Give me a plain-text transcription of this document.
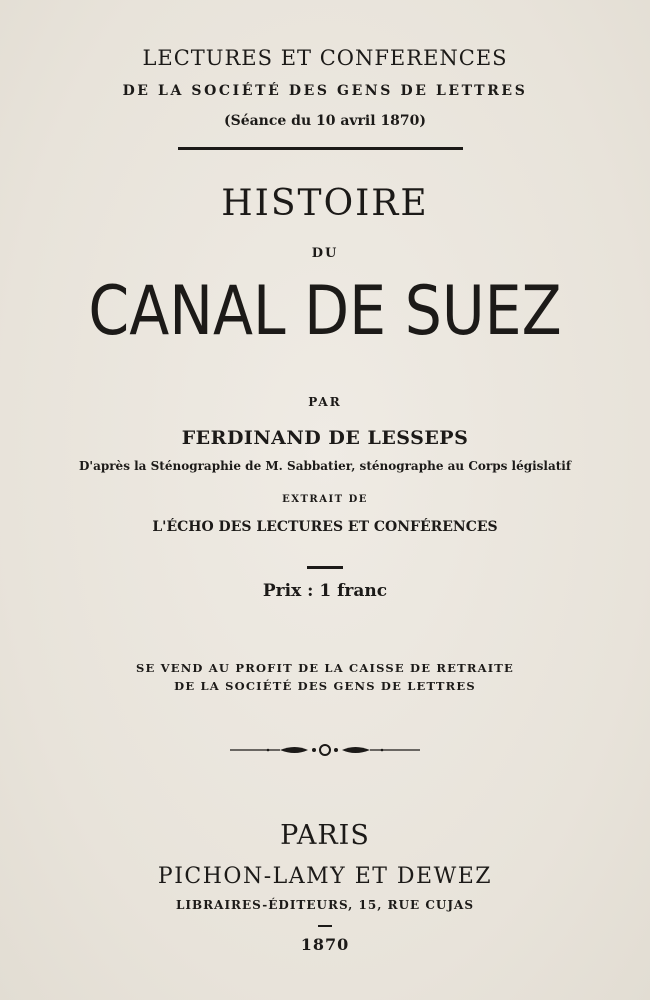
LECTURES ET CONFERENCES
DE LA SOCIÉTÉ DES GENS DE LETTRES
(Séance du 10 avril 1870)
HISTOIRE
DU
CANAL DE SUEZ
PAR
FERDINAND DE LESSEPS
D'après la Sténographie de M. Sabbatier, sténographe au Corps législatif
EXTRAIT DE
L'ÉCHO DES LECTURES ET CONFÉRENCES
Prix : 1 franc
SE VEND AU PROFIT DE LA CAISSE DE RETRAITE
DE LA SOCIÉTÉ DES GENS DE LETTRES
PARIS
PICHON-LAMY ET DEWEZ
LIBRAIRES-ÉDITEURS, 15, RUE CUJAS
1870
